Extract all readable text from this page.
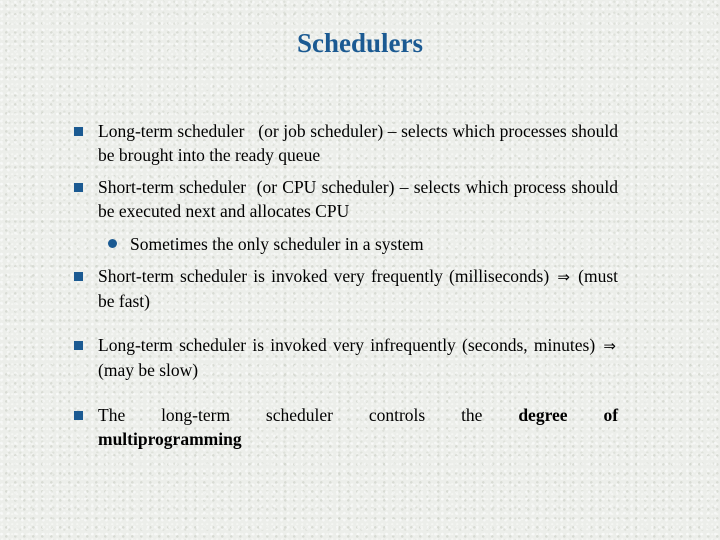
Schedulers
Long-term scheduler (or job scheduler) – selects which processes should be brought into the ready queue
Short-term scheduler (or CPU scheduler) – selects which process should be executed next and allocates CPU
Sometimes the only scheduler in a system
Short-term scheduler is invoked very frequently (milliseconds) ⇒ (must be fast)
Long-term scheduler is invoked very infrequently (seconds, minutes) ⇒ (may be slow)
The long-term scheduler controls the degree of
multiprogramming
